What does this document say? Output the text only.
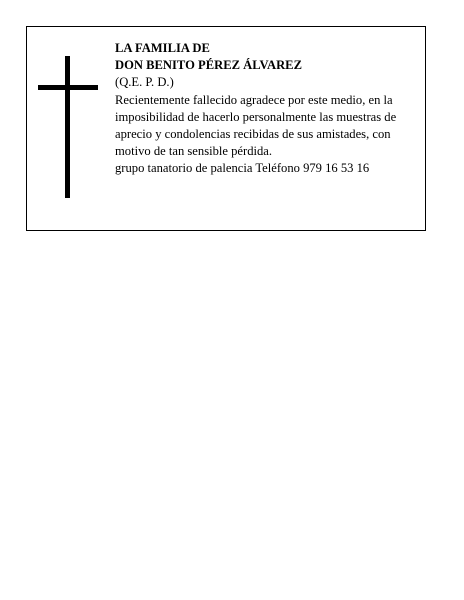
LA FAMILIA DE

DON BENITO PÉREZ ÁLVAREZ

(Q.E. P. D.)

Recientemente fallecido agradece por este medio, en la imposibilidad de hacerlo personalmente las muestras de aprecio y condolencias recibidas de sus amistades, con motivo de tan sensible pérdida.

grupo tanatorio de palencia Teléfono 979 16 53 16
